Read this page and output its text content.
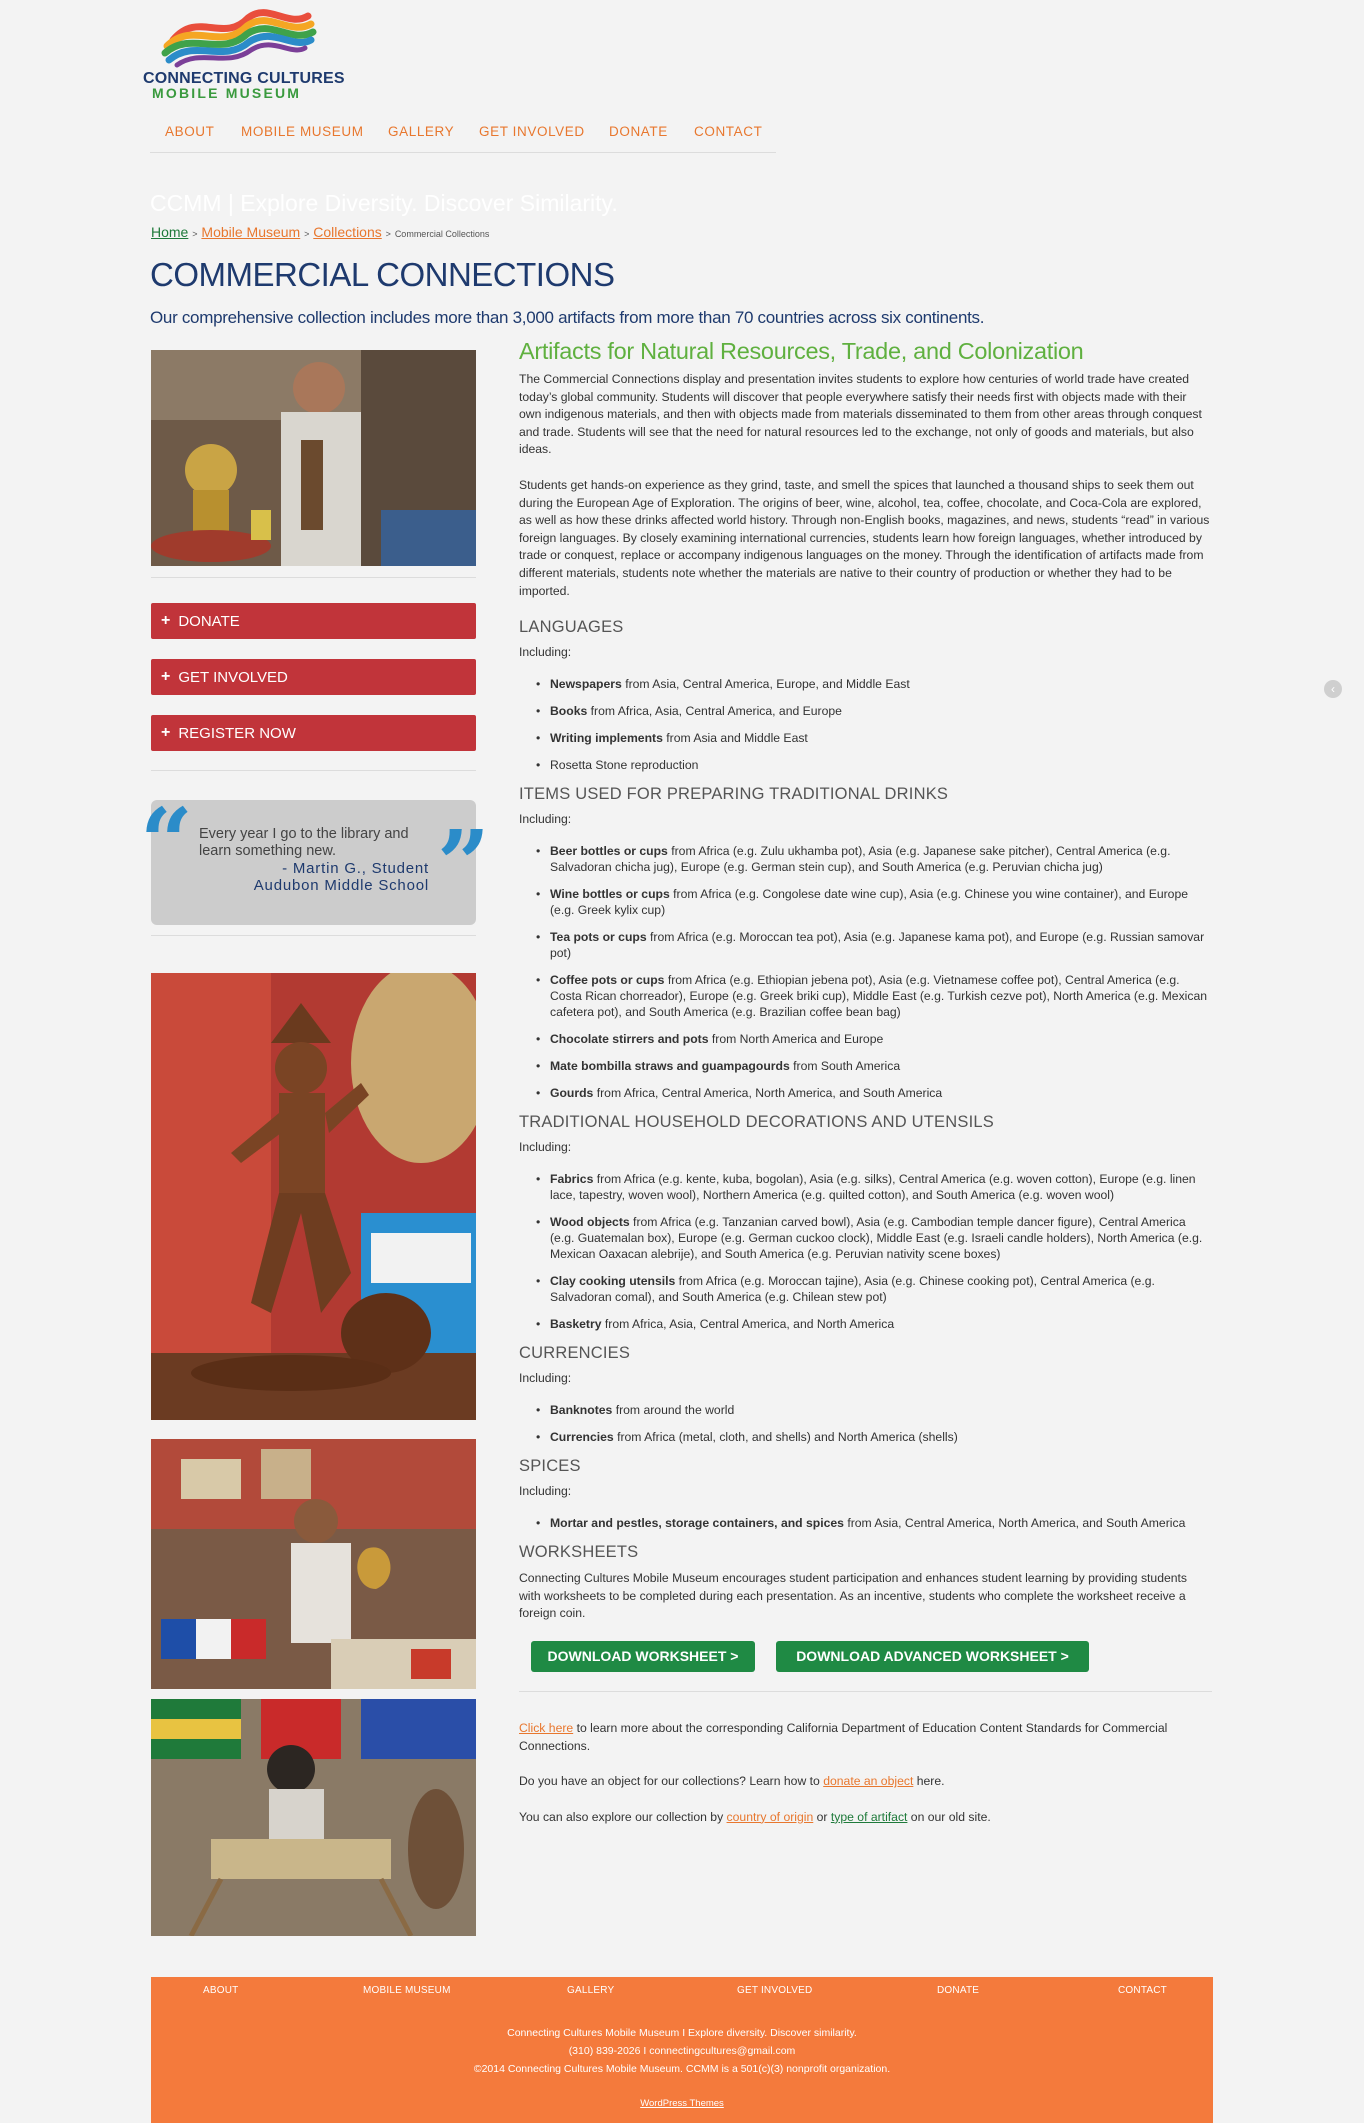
CONNECTING CULTURES
MOBILE MUSEUM
ABOUT MOBILE MUSEUM GALLERY GET INVOLVED DONATE CONTACT
CCMM | Explore Diversity. Discover Similarity.
Home > Mobile Museum > Collections > Commercial Collections
COMMERCIAL CONNECTIONS
Our comprehensive collection includes more than 3,000 artifacts from more than 70 countries across six continents.
+ DONATE
+ GET INVOLVED
+ REGISTER NOW
“	”
Every year I go to the library and learn something new.
- Martin G., Student
Audubon Middle School
Artifacts for Natural Resources, Trade, and Colonization

The Commercial Connections display and presentation invites students to explore how centuries of world trade have created today’s global community. Students will discover that people everywhere satisfy their needs first with objects made with their own indigenous materials, and then with objects made from materials disseminated to them from other areas through conquest and trade. Students will see that the need for natural resources led to the exchange, not only of goods and materials, but also ideas.

Students get hands-on experience as they grind, taste, and smell the spices that launched a thousand ships to seek them out during the European Age of Exploration. The origins of beer, wine, alcohol, tea, coffee, chocolate, and Coca-Cola are explored, as well as how these drinks affected world history. Through non-English books, magazines, and news, students “read” in various foreign languages. By closely examining international currencies, students learn how foreign languages, whether introduced by trade or conquest, replace or accompany indigenous languages on the money. Through the identification of artifacts made from different materials, students note whether the materials are native to their country of production or whether they had to be imported.

LANGUAGES

Including:

• Newspapers from Asia, Central America, Europe, and Middle East
• Books from Africa, Asia, Central America, and Europe
• Writing implements from Asia and Middle East
• Rosetta Stone reproduction
ITEMS USED FOR PREPARING TRADITIONAL DRINKS

Including:

• Beer bottles or cups from Africa (e.g. Zulu ukhamba pot), Asia (e.g. Japanese sake pitcher), Central America (e.g. Salvadoran chicha jug), Europe (e.g. German stein cup), and South America (e.g. Peruvian chicha jug)
• Wine bottles or cups from Africa (e.g. Congolese date wine cup), Asia (e.g. Chinese you wine container), and Europe (e.g. Greek kylix cup)
• Tea pots or cups from Africa (e.g. Moroccan tea pot), Asia (e.g. Japanese kama pot), and Europe (e.g. Russian samovar pot)
• Coffee pots or cups from Africa (e.g. Ethiopian jebena pot), Asia (e.g. Vietnamese coffee pot), Central America (e.g. Costa Rican chorreador), Europe (e.g. Greek briki cup), Middle East (e.g. Turkish cezve pot), North America (e.g. Mexican cafetera pot), and South America (e.g. Brazilian coffee bean bag)
• Chocolate stirrers and pots from North America and Europe
• Mate bombilla straws and guampagourds from South America
• Gourds from Africa, Central America, North America, and South America
TRADITIONAL HOUSEHOLD DECORATIONS AND UTENSILS

Including:

• Fabrics from Africa (e.g. kente, kuba, bogolan), Asia (e.g. silks), Central America (e.g. woven cotton), Europe (e.g. linen lace, tapestry, woven wool), Northern America (e.g. quilted cotton), and South America (e.g. woven wool)
• Wood objects from Africa (e.g. Tanzanian carved bowl), Asia (e.g. Cambodian temple dancer figure), Central America (e.g. Guatemalan box), Europe (e.g. German cuckoo clock), Middle East (e.g. Israeli candle holders), North America (e.g. Mexican Oaxacan alebrije), and South America (e.g. Peruvian nativity scene boxes)
• Clay cooking utensils from Africa (e.g. Moroccan tajine), Asia (e.g. Chinese cooking pot), Central America (e.g. Salvadoran comal), and South America (e.g. Chilean stew pot)
• Basketry from Africa, Asia, Central America, and North America
CURRENCIES

Including:

• Banknotes from around the world
• Currencies from Africa (metal, cloth, and shells) and North America (shells)
SPICES

Including:

• Mortar and pestles, storage containers, and spices from Asia, Central America, North America, and South America
WORKSHEETS

Connecting Cultures Mobile Museum encourages student participation and enhances student learning by providing students with worksheets to be completed during each presentation. As an incentive, students who complete the worksheet receive a foreign coin.

DOWNLOAD WORKSHEET >	DOWNLOAD ADVANCED WORKSHEET >

Click here to learn more about the corresponding California Department of Education Content Standards for Commercial Connections.

Do you have an object for our collections? Learn how to donate an object here.

You can also explore our collection by country of origin or type of artifact on our old site.

‹
ABOUT	MOBILE MUSEUM	GALLERY	GET INVOLVED	DONATE	CONTACT
Connecting Cultures Mobile Museum I Explore diversity. Discover similarity.
(310) 839-2026 I connectingcultures@gmail.com
©2014 Connecting Cultures Mobile Museum. CCMM is a 501(c)(3) nonprofit organization.
WordPress Themes
